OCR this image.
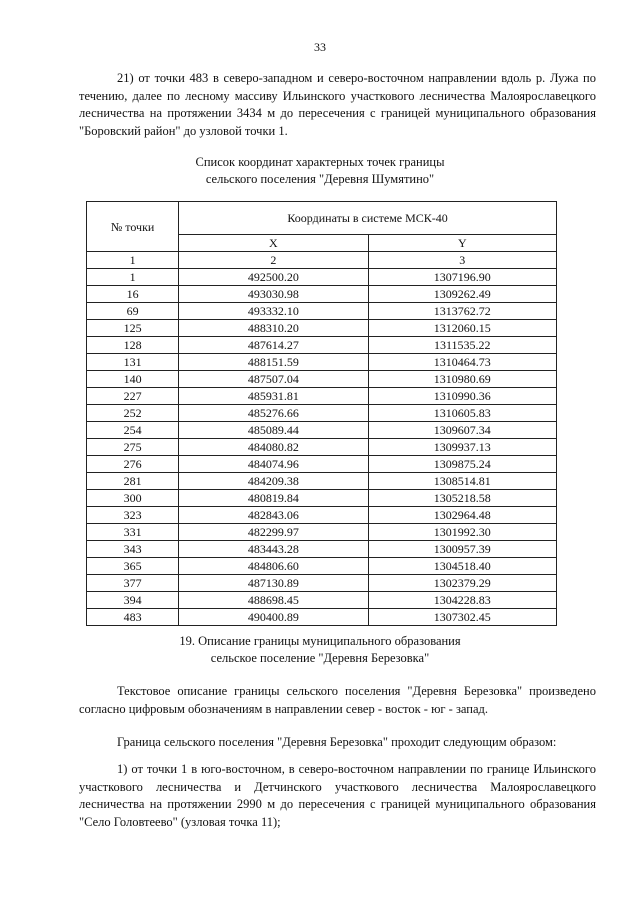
33
21) от точки 483 в северо-западном и северо-восточном направлении вдоль р. Лужа по течению, далее по лесному массиву Ильинского участкового лесничества Малоярославецкого лесничества на протяжении 3434 м до пересечения с границей муниципального образования "Боровский район" до узловой точки 1.
Список координат характерных точек границы
сельского поселения "Деревня Шумятино"
№ точки	Координаты в системе МСК-40	
	X	Y
1	2	3
1	492500.20	1307196.90
16	493030.98	1309262.49
69	493332.10	1313762.72
125	488310.20	1312060.15
128	487614.27	1311535.22
131	488151.59	1310464.73
140	487507.04	1310980.69
227	485931.81	1310990.36
252	485276.66	1310605.83
254	485089.44	1309607.34
275	484080.82	1309937.13
276	484074.96	1309875.24
281	484209.38	1308514.81
300	480819.84	1305218.58
323	482843.06	1302964.48
331	482299.97	1301992.30
343	483443.28	1300957.39
365	484806.60	1304518.40
377	487130.89	1302379.29
394	488698.45	1304228.83
483	490400.89	1307302.45
19. Описание границы муниципального образования
сельское поселение "Деревня Березовка"
Текстовое описание границы сельского поселения "Деревня Березовка" произведено согласно цифровым обозначениям в направлении север - восток - юг - запад.
Граница сельского поселения "Деревня Березовка" проходит следующим образом:
1) от точки 1 в юго-восточном, в северо-восточном направлении по границе Ильинского участкового лесничества и Детчинского участкового лесничества Малоярославецкого лесничества на протяжении 2990 м до пересечения с границей муниципального образования "Село Головтеево" (узловая точка 11);
